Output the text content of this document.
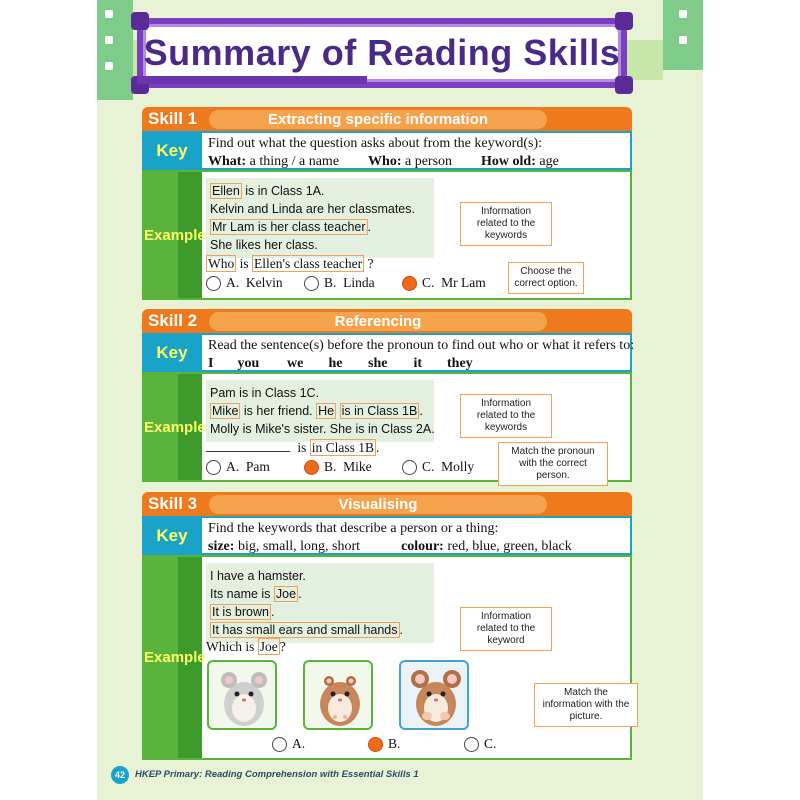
Summary of Reading Skills
Skill 1	Extracting specific information
Key	Find out what the question asks about from the keyword(s):
What: a thing / a name Who: a person How old: age
Example
Ellen is in Class 1A.
Kelvin and Linda are her classmates.
Mr Lam is her class teacher .
She likes her class.
Information related to the keywords
Who is Ellen's class teacher ?
A.
Kelvin	B.
Linda	C.
Mr Lam
Choose the correct option.
Skill 2	Referencing
Key	Read the sentence(s) before the pronoun to find out who or what it refers to:
I you we he she it they
Example
Pam is in Class 1C.
Mike is her friend. He is in Class 1B .
Molly is Mike's sister. She is in Class 2A.
Information related to the keywords
is in Class 1B .
A.
Pam	B.
Mike	C.
Molly
Match the pronoun with the correct person.
Skill 3	Visualising
Key	Find the keywords that describe a person or a thing:
size: big, small, long, short	colour: red, blue, green, black
Example
I have a hamster.
Its name is Joe .
It is brown .
It has small ears and small hands .
Information related to the keyword
Which is Joe ?
A.	B.	C.
Match the information with the picture.
42	HKEP Primary: Reading Comprehension with Essential Skills 1
